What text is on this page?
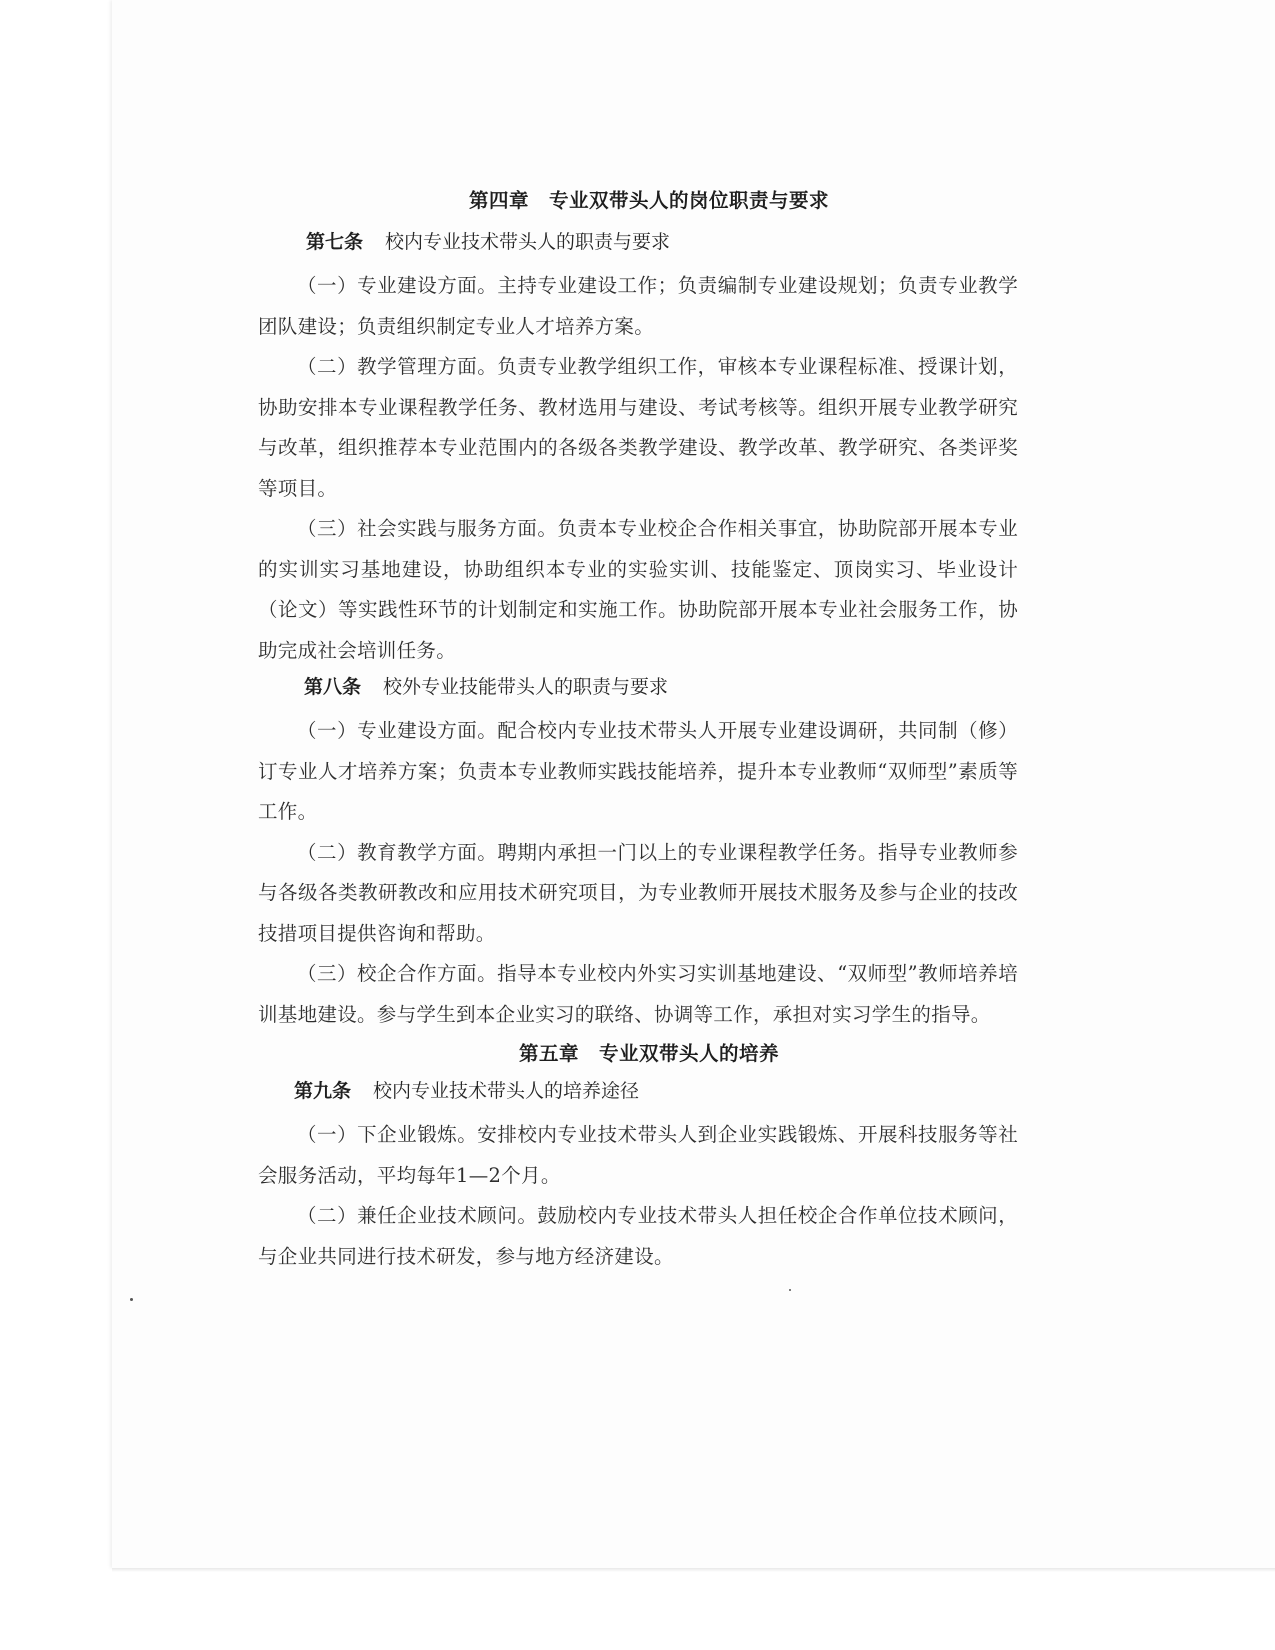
第四章　专业双带头人的岗位职责与要求
第七条 校内专业技术带头人的职责与要求

（一）专业建设方面。主持专业建设工作；负责编制专业建设规划；负责专业教学团队建设；负责组织制定专业人才培养方案。

（二）教学管理方面。负责专业教学组织工作，审核本专业课程标准、授课计划，协助安排本专业课程教学任务、教材选用与建设、考试考核等。组织开展专业教学研究与改革，组织推荐本专业范围内的各级各类教学建设、教学改革、教学研究、各类评奖等项目。

（三）社会实践与服务方面。负责本专业校企合作相关事宜，协助院部开展本专业的实训实习基地建设，协助组织本专业的实验实训、技能鉴定、顶岗实习、毕业设计（论文）等实践性环节的计划制定和实施工作。协助院部开展本专业社会服务工作，协助完成社会培训任务。

第八条 校外专业技能带头人的职责与要求

（一）专业建设方面。配合校内专业技术带头人开展专业建设调研，共同制（修）订专业人才培养方案；负责本专业教师实践技能培养，提升本专业教师“双师型”素质等工作。

（二）教育教学方面。聘期内承担一门以上的专业课程教学任务。指导专业教师参与各级各类教研教改和应用技术研究项目，为专业教师开展技术服务及参与企业的技改技措项目提供咨询和帮助。

（三）校企合作方面。指导本专业校内外实习实训基地建设、“双师型”教师培养培训基地建设。参与学生到本企业实习的联络、协调等工作，承担对实习学生的指导。

第五章　专业双带头人的培养
第九条 校内专业技术带头人的培养途径

（一）下企业锻炼。安排校内专业技术带头人到企业实践锻炼、开展科技服务等社会服务活动，平均每年1—2个月。

（二）兼任企业技术顾问。鼓励校内专业技术带头人担任校企合作单位技术顾问，与企业共同进行技术研发，参与地方经济建设。
